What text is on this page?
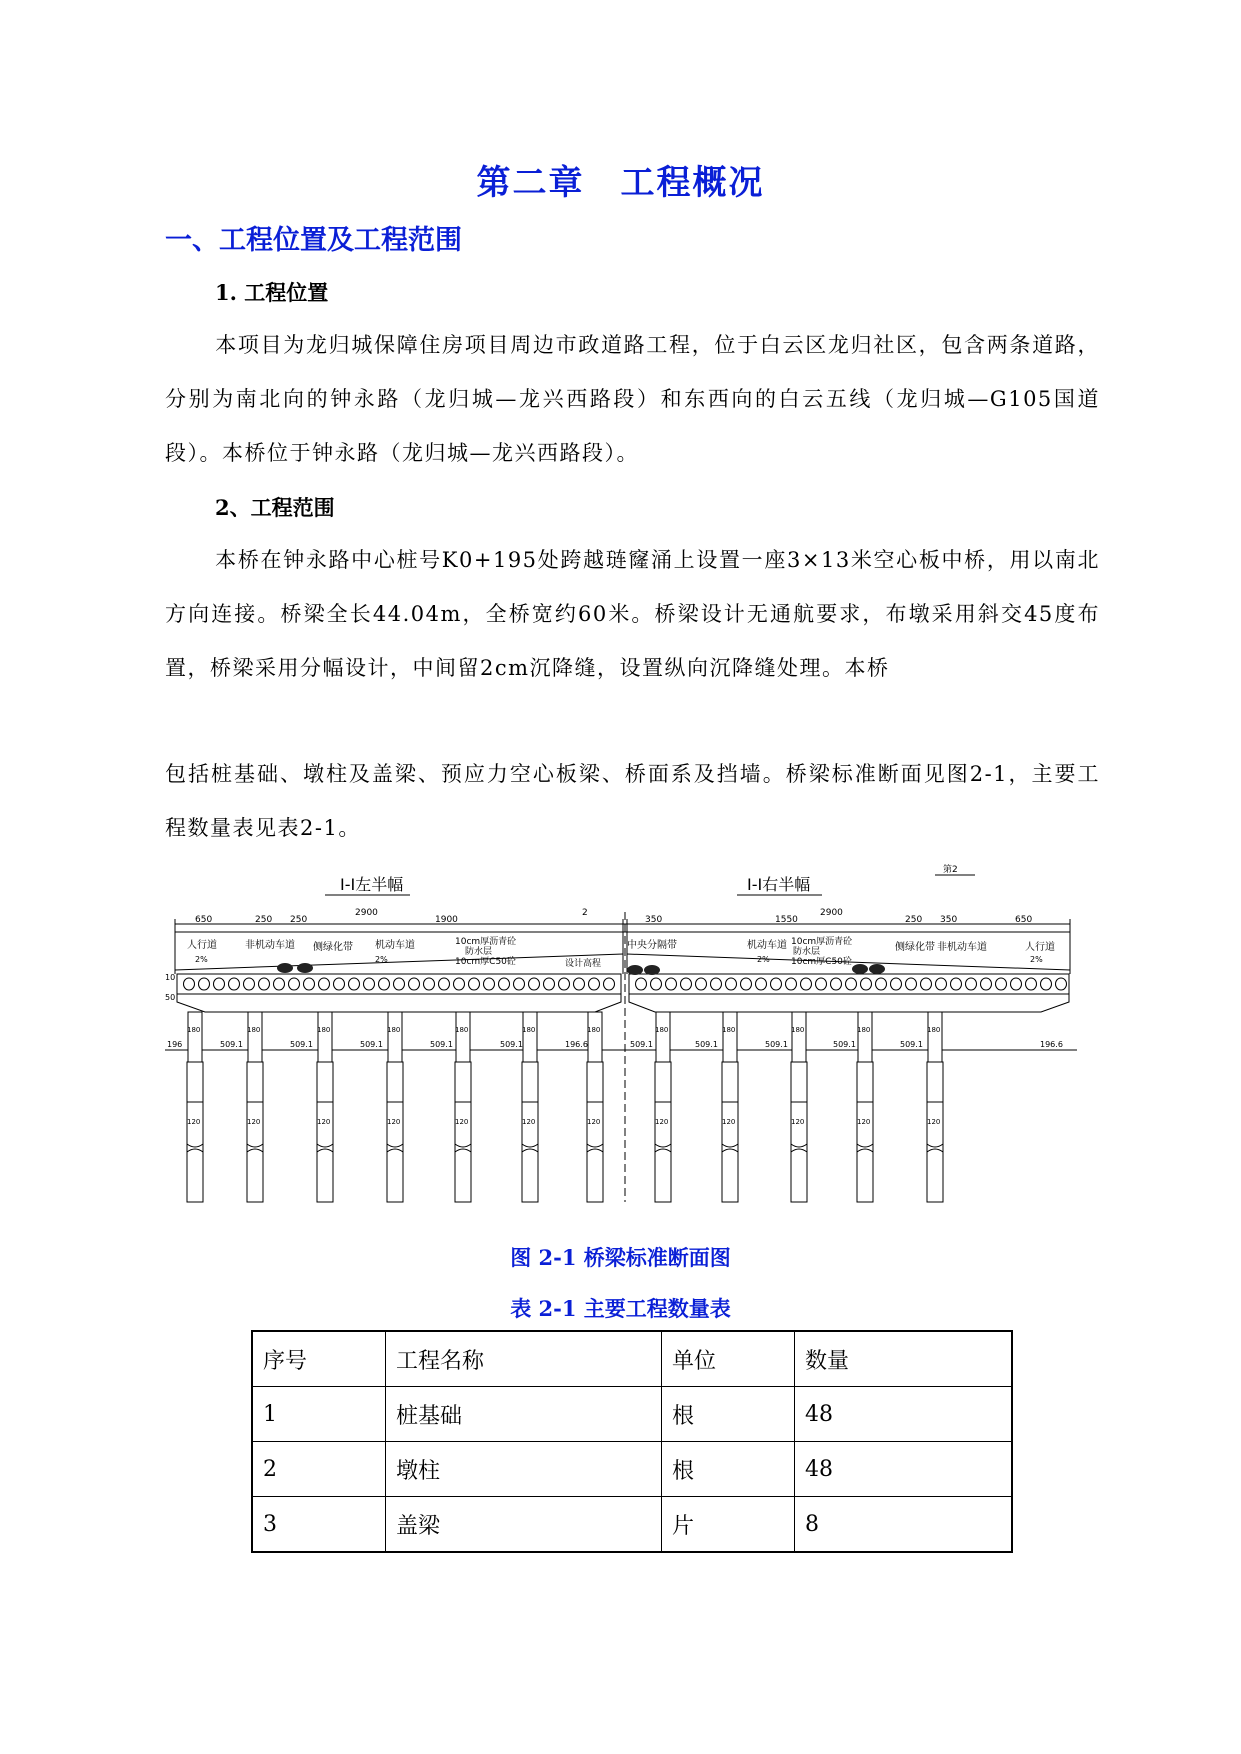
第二章 工程概况
一、工程位置及工程范围
1. 工程位置
本项目为龙归城保障住房项目周边市政道路工程，位于白云区龙归社区，包含两条道路，分别为南北向的钟永路（龙归城—龙兴西路段）和东西向的白云五线（龙归城—G105国道段）。本桥位于钟永路（龙归城—龙兴西路段）。
2、工程范围
本桥在钟永路中心桩号K0+195处跨越琏窿涌上设置一座3×13米空心板中桥，用以南北方向连接。桥梁全长44.04m，全桥宽约60米。桥梁设计无通航要求，布墩采用斜交45度布置，桥梁采用分幅设计，中间留2cm沉降缝，设置纵向沉降缝处理。本桥
包括桩基础、墩柱及盖梁、预应力空心板梁、桥面系及挡墙。桥梁标准断面见图2-1，主要工程数量表见表2-1。
180
120
180
120
180
120
180
120
180
120
180
120
180
120
180
120
180
120
180
120
180
120
180
120
I-I左半幅	I-I右半幅
第2
650	250 250	1900
2900	2
350	1550
2900
250 350	650
人行道	非机动车道 侧绿化带 机动车道	10cm厚沥青砼
防水层
10cm厚C50砼	设计高程
中央分隔带	机动车道 10cm厚沥青砼
防水层
10cm厚C50砼
侧绿化带 非机动车道	人行道
2%	2%	2%	2%
10
50
196	509.1	509.1	509.1	509.1	509.1	196.6	509.1	509.1	509.1	509.1	509.1	196.6
图 2-1 桥梁标准断面图
表 2-1 主要工程数量表
序号	工程名称	单位	数量
1	桩基础	根	48
2	墩柱	根	48
3	盖梁	片	8
